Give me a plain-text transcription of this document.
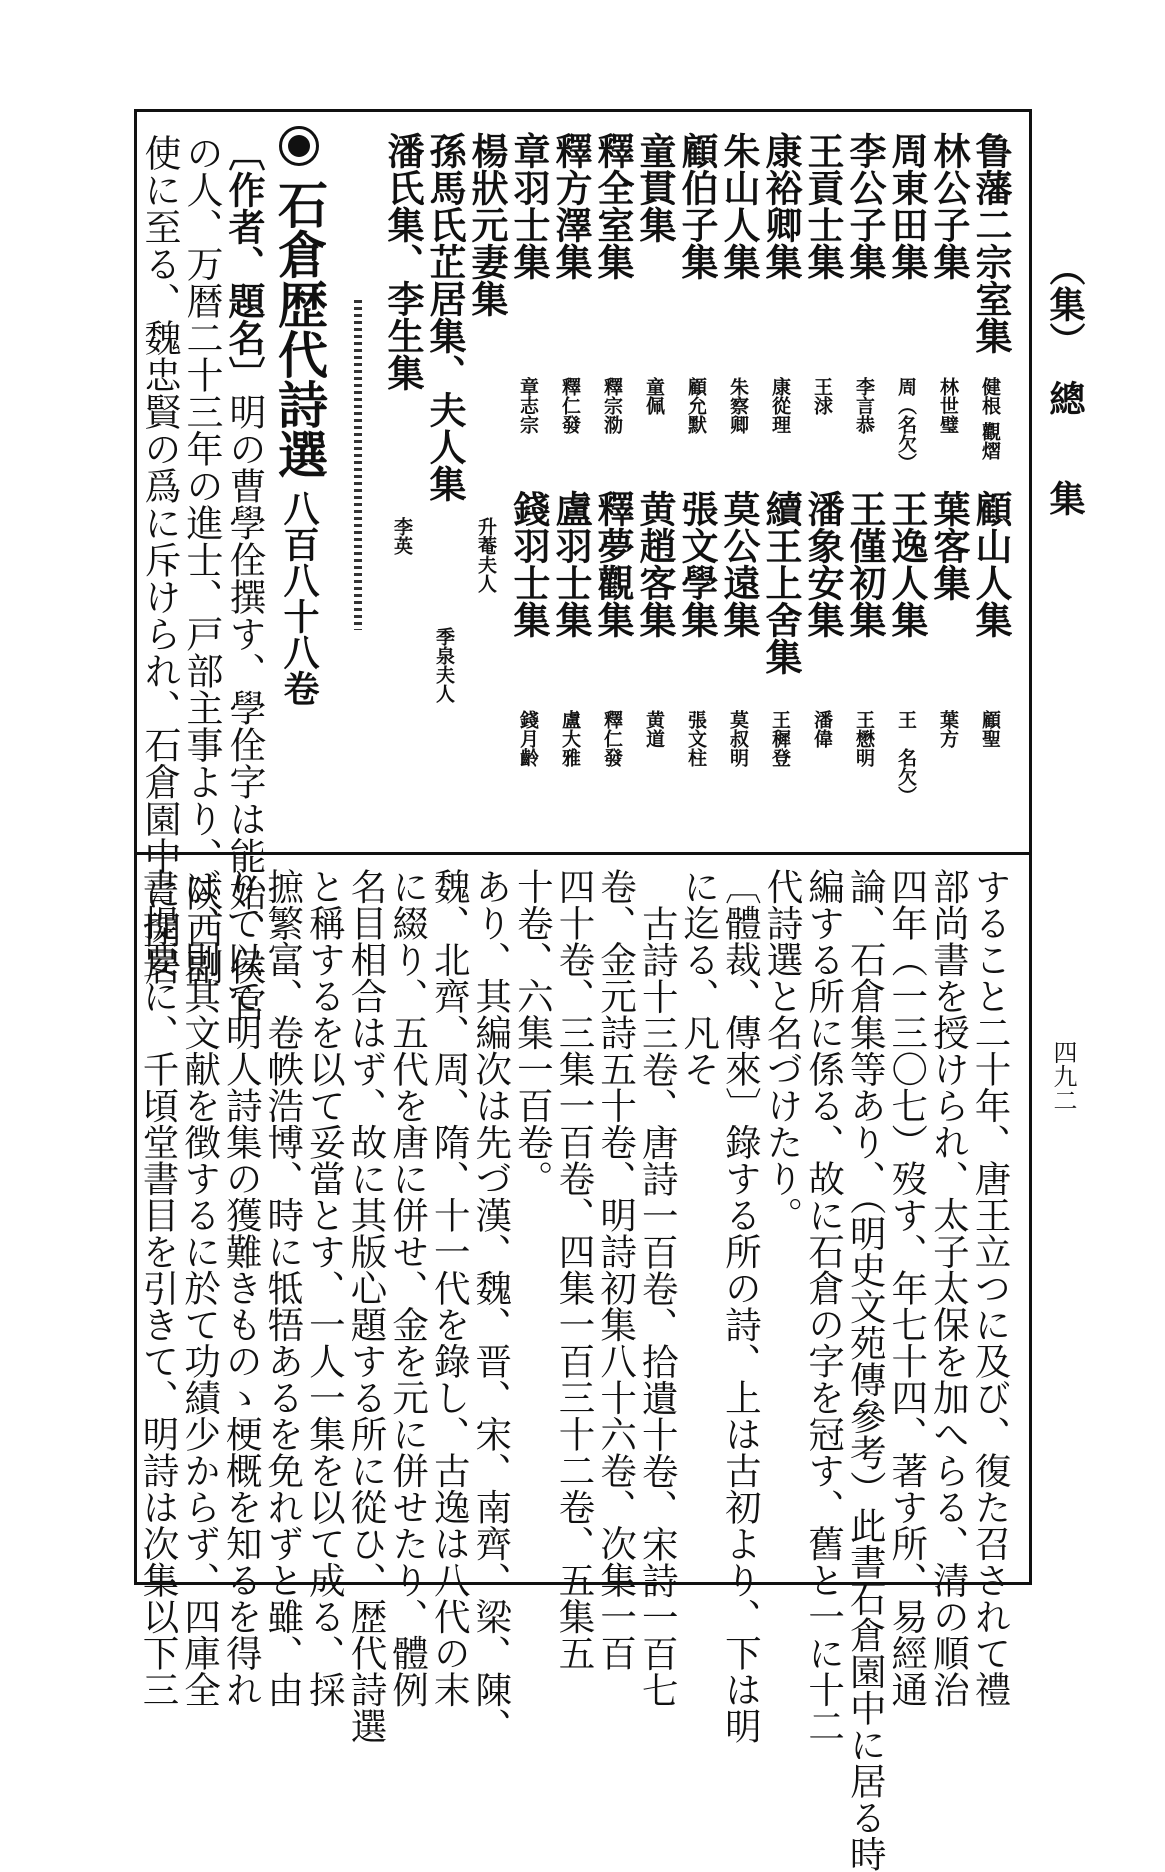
（集）
總　集
四九二
鲁藩二宗室集
健根 觀熠
顧山人集
顧聖
林公子集
林世璧
葉客集
葉方
周東田集
周（名欠）
王逸人集
王　名欠）
李公子集
李言恭
王僅初集
王懋明
王貢士集
王浗
潘象安集
潘偉
康裕卿集
康從理
續王上舍集
王穉登
朱山人集
朱察卿
莫公遠集
莫叔明
顧伯子集
顧允默
張文學集
張文柱
童貫集
童佩
黄趙客集
黄道
釋全室集
釋宗泐
釋夢觀集
釋仁發
釋方澤集
釋仁發
盧羽士集
盧大雅
章羽士集
章志宗
錢羽士集
錢月齡
楊狀元妻集
升菴夫人
孫馬氏芷居集、夫人集
季泉夫人
潘氏集、李生集
李英
石倉歴代詩選 八百八十八卷
〔作者、題名〕明の曹學佺撰す、學佺字は能始、侯官
の人、万暦二十三年の進士、戸部主事より、陝西副
使に至る、魏忠賢の爲に斥けられ、石倉園中に閉居
すること二十年、唐王立つに及び、復た召されて禮
部尚書を授けられ、太子太保を加へらる、清の順治
四年（一三〇七）歿す、年七十四、著す所、易經通
論、石倉集等あり、（明史文苑傳參考）此書石倉園中に居る時
編する所に係る、故に石倉の字を冠す、舊と一に十二
代詩選と名づけたり。
〔體裁、傳來〕錄する所の詩、上は古初より、下は明
に迄る、凡そ
古詩十三卷、唐詩一百卷、拾遺十卷、宋詩一百七
卷、金元詩五十卷、明詩初集八十六卷、次集一百
四十卷、三集一百卷、四集一百三十二卷、五集五
十卷、六集一百卷。
あり、其編次は先づ漢、魏、晋、宋、南齊、梁、陳、
魏、北齊、周、隋、十一代を錄し、古逸は八代の末
に綴り、五代を唐に併せ、金を元に併せたり、體例
名目相合はず、故に其版心題する所に從ひ、歴代詩選
と稱するを以て妥當とす、一人一集を以て成る、採
摭繁富、卷帙浩博、時に牴牾あるを免れずと雖、由
りて以て明人詩集の獲難きものゝ梗概を知るを得れ
ば、則其文献を徴するに於て功績少からず、四庫全
書提要に、千頃堂書目を引きて、明詩は次集以下三
